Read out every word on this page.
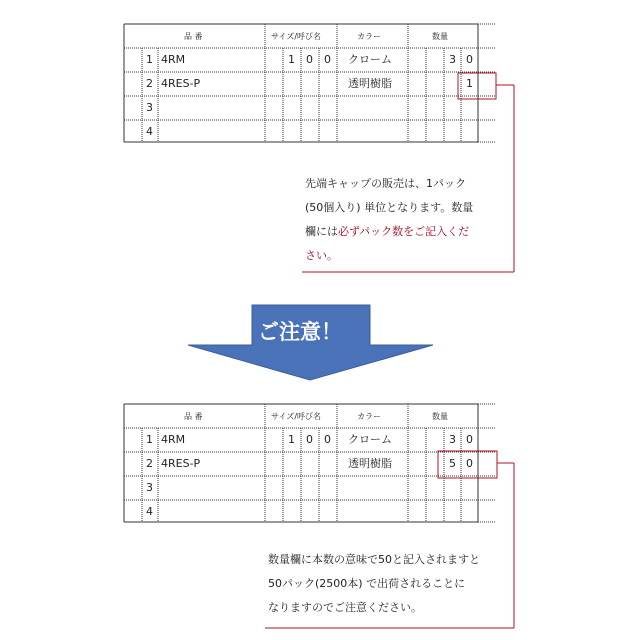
品 番	サイズ/呼び名	カラー	数量
1 4RM	1 0 0 クローム	3 0
2 4RES-P	透明樹脂	1
3
4
品 番	サイズ/呼び名	カラー	数量
1 4RM	1 0 0 クローム	3 0
2 4RES-P	透明樹脂	5 0
3
4
先端キャップの販売は、1パック
(50個入り) 単位となります。数量
欄には必ずパック数をご記入くだ
さい。
ご注意！
数量欄に本数の意味で50と記入されますと
50パック(2500本) で出荷されることに
なりますのでご注意ください。
